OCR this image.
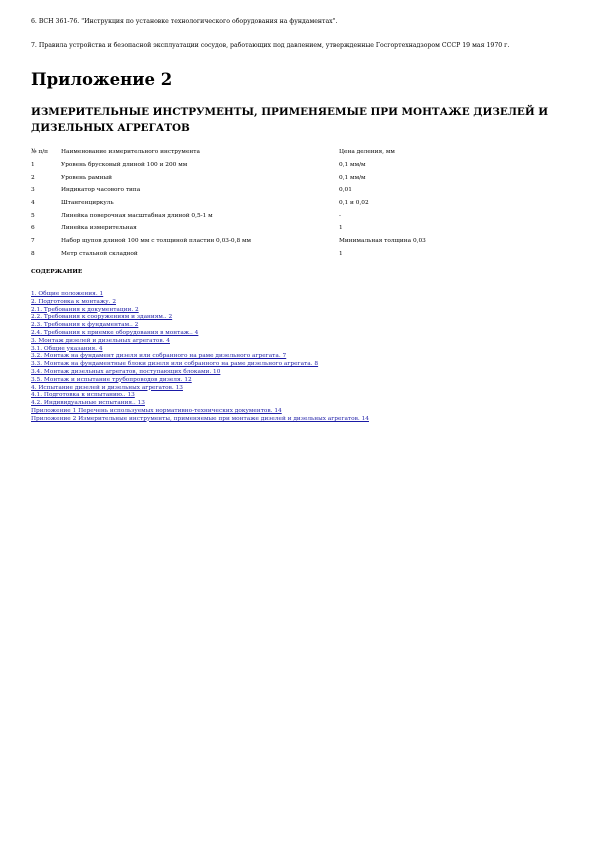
6. ВСН 361-76. "Инструкция по установке технологического оборудования на фундаментах".

7. Правила устройства и безопасной эксплуатации сосудов, работающих под давлением, утвержденные Госгортехнадзором СССР 19 мая 1970 г.

Приложение 2
ИЗМЕРИТЕЛЬНЫЕ ИНСТРУМЕНТЫ, ПРИМЕНЯЕМЫЕ ПРИ МОНТАЖЕ ДИЗЕЛЕЙ И ДИЗЕЛЬНЫХ АГРЕГАТОВ
№ п/п	Наименование измерительного инструмента	Цена деления, мм
1	Уровень брусковый длиной 100 и 200 мм	0,1 мм/м
2	Уровень рамный	0,1 мм/м
3	Индикатор часового типа	0,01
4	Штангенциркуль	0,1 и 0,02
5	Линейка поверочная масштабная длиной 0,5-1 м	-
6	Линейка измерительная	1
7	Набор щупов длиной 100 мм с толщиной пластин 0,03-0,8 мм	Минимальная толщина 0,03
8	Метр стальной складной	1

СОДЕРЖАНИЕ

1. Общие положения. 1
2. Подготовка к монтажу. 2
2.1. Требования к документации. 2
2.2. Требования к сооружениям и зданиям.. 2
2.3. Требования к фундаментам.. 2
2.4. Требования к приемке оборудования в монтаж.. 4
3. Монтаж дизелей и дизельных агрегатов. 4
3.1. Общие указания. 4
3.2. Монтаж на фундамент дизеля или собранного на раме дизельного агрегата. 7
3.3. Монтаж на фундаментные блоки дизеля или собранного на раме дизельного агрегата. 8
3.4. Монтаж дизельных агрегатов, поступающих блоками. 10
3.5. Монтаж и испытание трубопроводов дизеля. 12
4. Испытание дизелей и дизельных агрегатов. 13
4.1. Подготовка к испытанию.. 13
4.2. Индивидуальные испытания.. 13
Приложение 1 Перечень используемых нормативно-технических документов. 14
Приложение 2 Измерительные инструменты, применяемые при монтаже дизелей и дизельных агрегатов. 14
